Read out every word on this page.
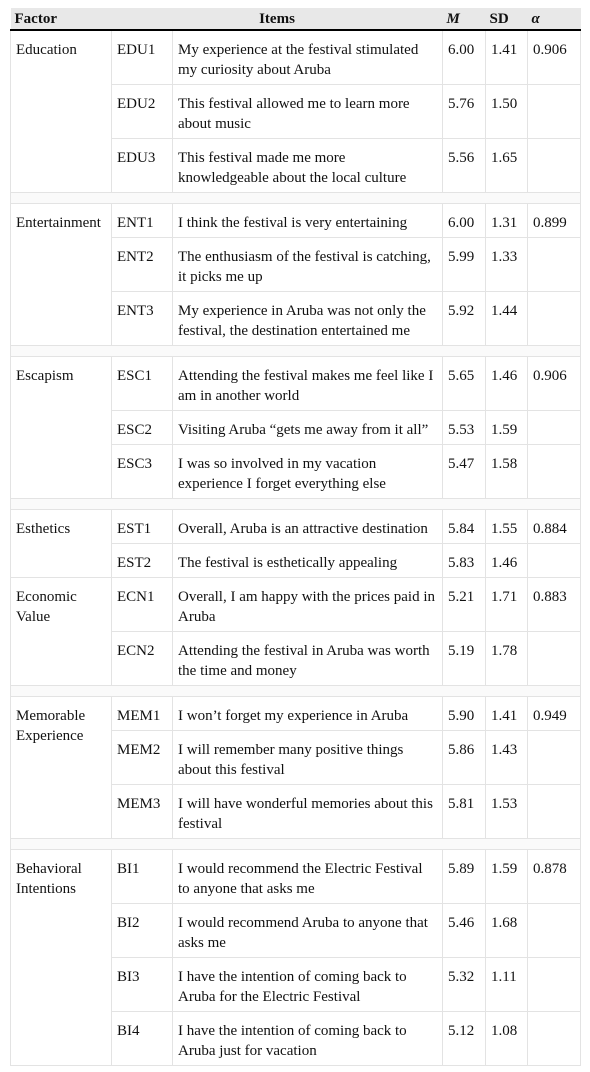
Factor	Items		M	SD	α
Education	EDU1	My experience at the festival stimulated my curiosity about Aruba	6.00	1.41	0.906
	EDU2	This festival allowed me to learn more about music	5.76	1.50	
	EDU3	This festival made me more knowledgeable about the local culture	5.56	1.65	

Entertainment	ENT1	I think the festival is very entertaining	6.00	1.31	0.899
	ENT2	The enthusiasm of the festival is catching, it picks me up	5.99	1.33	
	ENT3	My experience in Aruba was not only the festival, the destination entertained me	5.92	1.44	

Escapism	ESC1	Attending the festival makes me feel like I am in another world	5.65	1.46	0.906
	ESC2	Visiting Aruba “gets me away from it all”	5.53	1.59	
	ESC3	I was so involved in my vacation experience I forget everything else	5.47	1.58	

Esthetics	EST1	Overall, Aruba is an attractive destination	5.84	1.55	0.884
	EST2	The festival is esthetically appealing	5.83	1.46	
Economic Value	ECN1	Overall, I am happy with the prices paid in Aruba	5.21	1.71	0.883
	ECN2	Attending the festival in Aruba was worth the time and money	5.19	1.78	

Memorable Experience	MEM1	I won’t forget my experience in Aruba	5.90	1.41	0.949
	MEM2	I will remember many positive things about this festival	5.86	1.43	
	MEM3	I will have wonderful memories about this festival	5.81	1.53	

Behavioral Intentions	BI1	I would recommend the Electric Festival to anyone that asks me	5.89	1.59	0.878
	BI2	I would recommend Aruba to anyone that asks me	5.46	1.68	
	BI3	I have the intention of coming back to Aruba for the Electric Festival	5.32	1.11	
	BI4	I have the intention of coming back to Aruba just for vacation	5.12	1.08	
